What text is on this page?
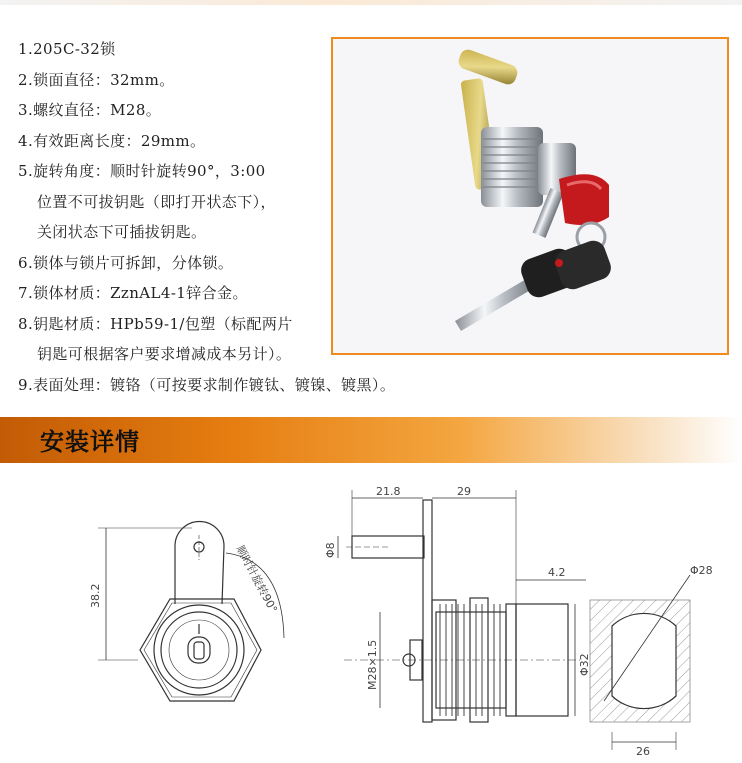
1.205C-32锁
2.锁面直径：32mm。
3.螺纹直径：M28。
4.有效距离长度：29mm。
5.旋转角度：顺时针旋转90°，3:00
位置不可拔钥匙（即打开状态下），
关闭状态下可插拔钥匙。
6.锁体与锁片可拆卸，分体锁。
7.锁体材质：ZznAL4-1锌合金。
8.钥匙材质：HPb59-1/包塑（标配两片
钥匙可根据客户要求增减成本另计）。
9.表面处理：镀铬（可按要求制作镀钛、镀镍、镀黑）。
安装详情
38.2	顺时针旋转90°
21.8	29
Φ8
4.2
M28×1.5	Φ32
Φ28
26
